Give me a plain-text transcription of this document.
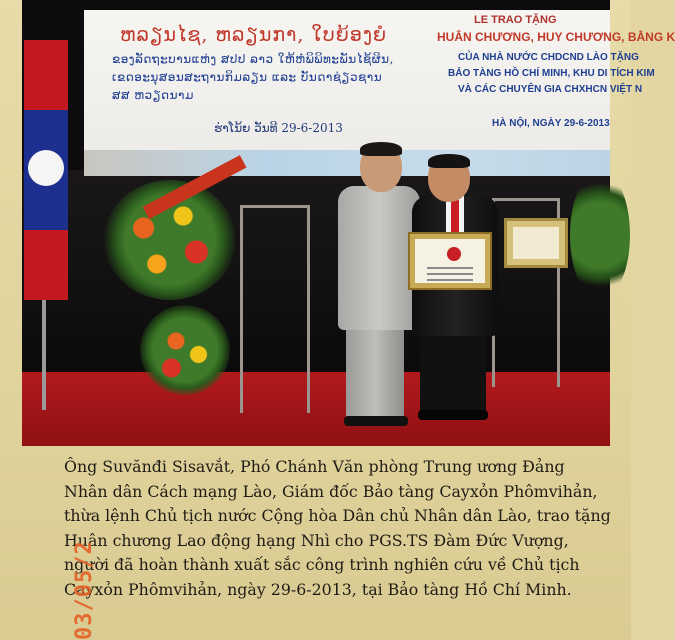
ຫລຽນໄຊ, ຫລຽນກາ, ໃບຍ້ອງຍໍ
ຂອງລັດຖະບານແຫ່ງ ສປປ ລາວ ໃຫ້ຫໍພິພິທະພັນໄຊ້ຜິນ,
ເຂດອະນຸສອນສະຖານກິມລຽນ ແລະ ບັນດາຊ່ຽວຊານ
ສສ ຫວຽດນາມ
ຮ່າໂນ້ຍ ວັນທີ 29-6-2013
LE TRAO TẶNG
HUÂN CHƯƠNG, HUY CHƯƠNG, BẰNG K
CỦA NHÀ NƯỚC CHDCND LÀO TẶNG
BẢO TÀNG HỒ CHÍ MINH, KHU DI TÍCH KIM
VÀ CÁC CHUYÊN GIA CHXHCN VIỆT N
HÀ NỘI, NGÀY 29-6-2013
Ông Suvănđi Sisavắt, Phó Chánh Văn phòng Trung ương Đảng
Nhân dân Cách mạng Lào, Giám đốc Bảo tàng Cayxỏn Phômvihản,
thừa lệnh Chủ tịch nước Cộng hòa Dân chủ Nhân dân Lào, trao tặng
Huân chương Lao động hạng Nhì cho PGS.TS Đàm Đức Vượng,
người đã hoàn thành xuất sắc công trình nghiên cứu về Chủ tịch
Cayxỏn Phômvihản, ngày 29-6-2013, tại Bảo tàng Hồ Chí Minh.
03/05/2
